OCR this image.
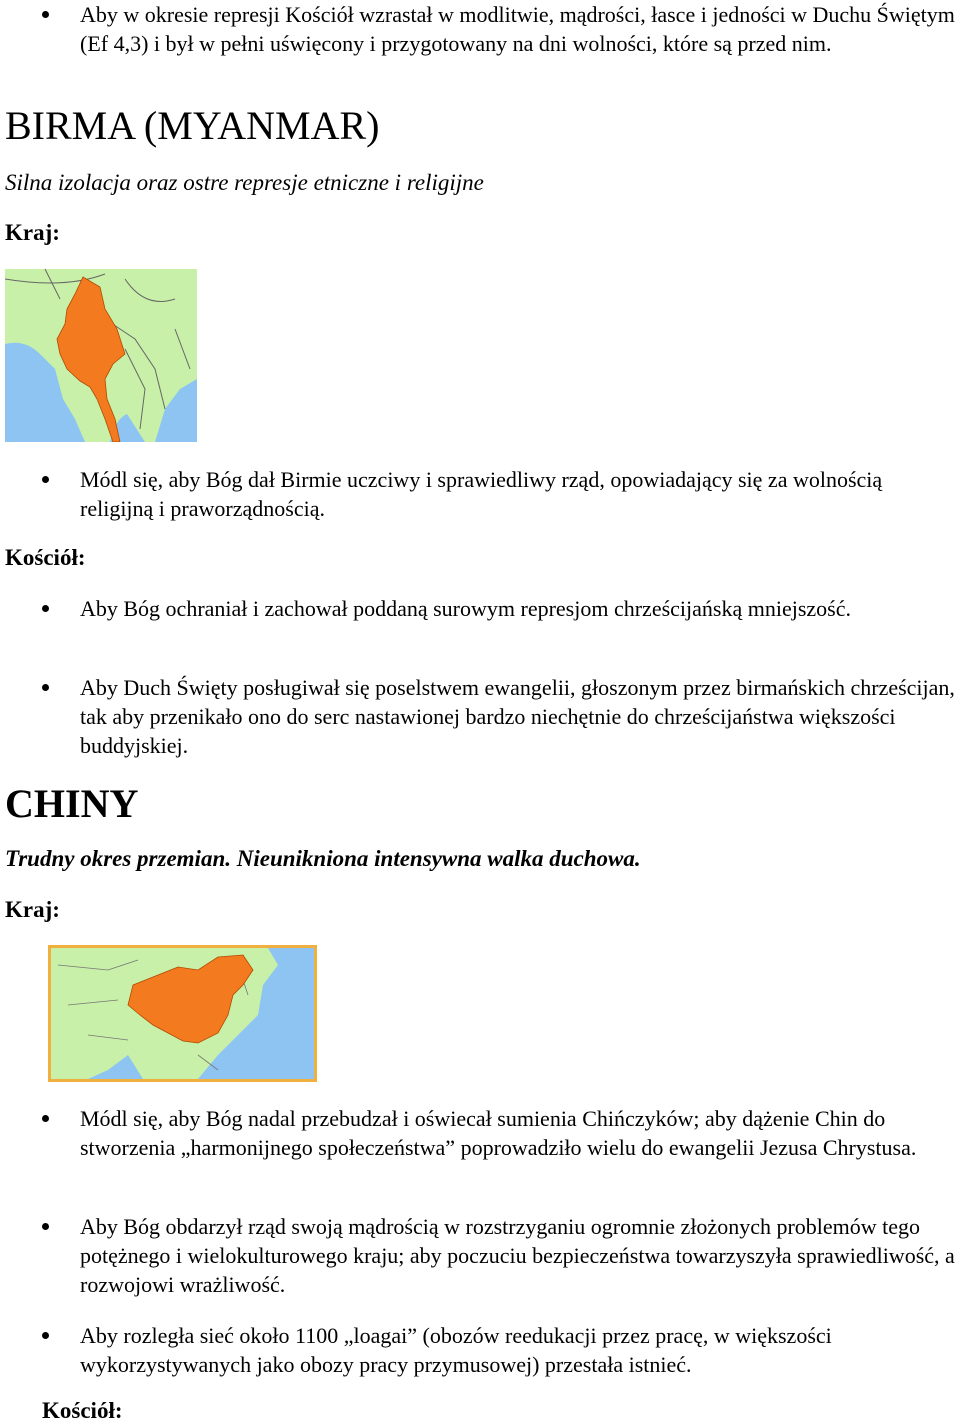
Aby w okresie represji Kościół wzrastał w modlitwie, mądrości, łasce i jedności w Duchu Świętym (Ef 4,3) i był w pełni uświęcony i przygotowany na dni wolności, które są przed nim.
BIRMA (MYANMAR)

Silna izolacja oraz ostre represje etniczne i religijne

Kraj:

Módl się, aby Bóg dał Birmie uczciwy i sprawiedliwy rząd, opowiadający się za wolnością religijną i praworządnością.

Kościół:

Aby Bóg ochraniał i zachował poddaną surowym represjom chrześcijańską mniejszość.
Aby Duch Święty posługiwał się poselstwem ewangelii, głoszonym przez birmańskich chrześcijan, tak aby przenikało ono do serc nastawionej bardzo niechętnie do chrześcijaństwa większości buddyjskiej.
CHINY

Trudny okres przemian. Nieunikniona intensywna walka duchowa.

Kraj:

Módl się, aby Bóg nadal przebudzał i oświecał sumienia Chińczyków; aby dążenie Chin do stworzenia „harmonijnego społeczeństwa” poprowadziło wielu do ewangelii Jezusa Chrystusa.
Aby Bóg obdarzył rząd swoją mądrością w rozstrzyganiu ogromnie złożonych problemów tego potężnego i wielokulturowego kraju; aby poczuciu bezpieczeństwa towarzyszyła sprawiedliwość, a rozwojowi wrażliwość.
Aby rozległa sieć około 1100 „loagai” (obozów reedukacji przez pracę, w większości wykorzystywanych jako obozy pracy przymusowej) przestała istnieć.

Kościół:
